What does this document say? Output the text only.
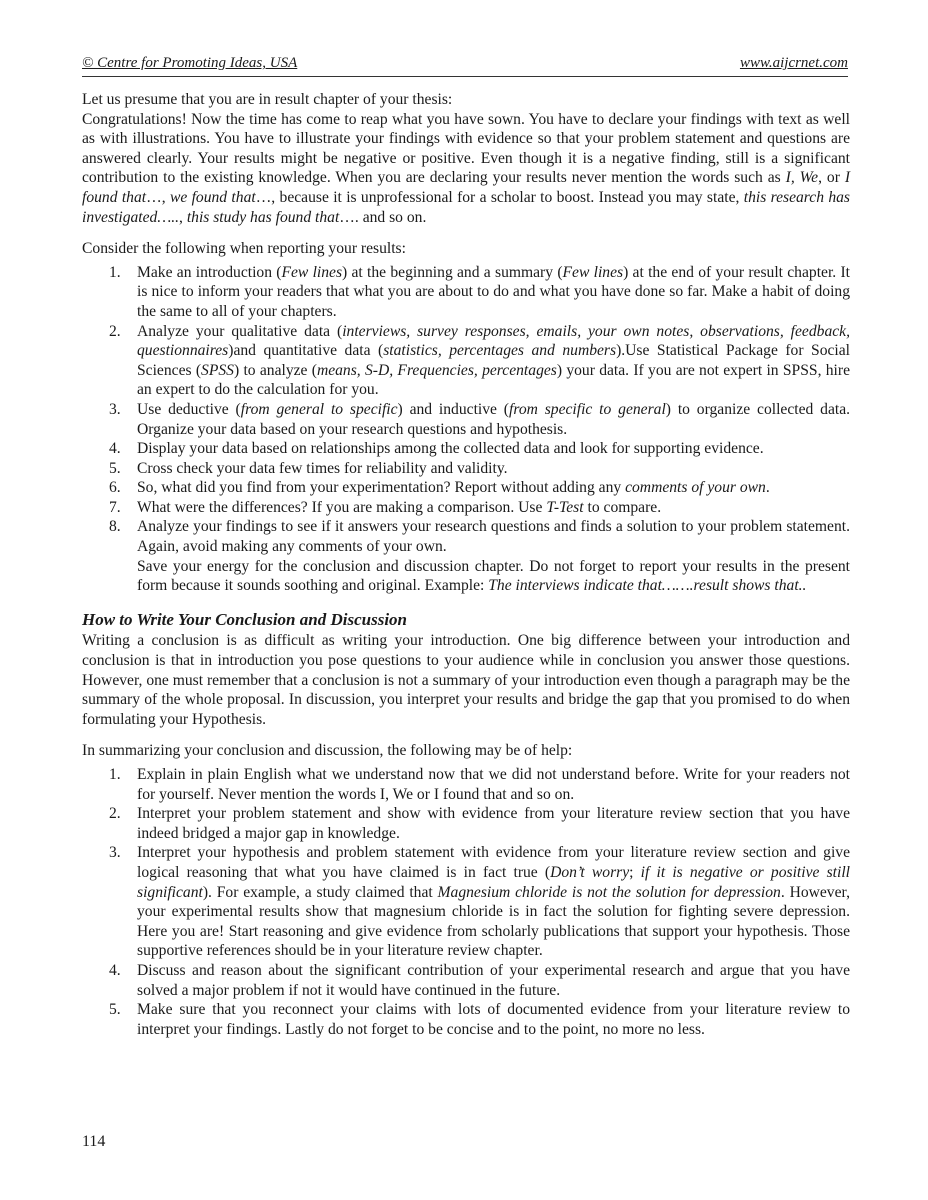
© Centre for Promoting Ideas, USA	www.aijcrnet.com

Let us presume that you are in result chapter of your thesis:

Congratulations! Now the time has come to reap what you have sown. You have to declare your findings with text as well as with illustrations. You have to illustrate your findings with evidence so that your problem statement and questions are answered clearly. Your results might be negative or positive. Even though it is a negative finding, still is a significant contribution to the existing knowledge. When you are declaring your results never mention the words such as I, We, or I found that…, we found that…, because it is unprofessional for a scholar to boost. Instead you may state, this research has investigated….., this study has found that…. and so on.

Consider the following when reporting your results:

1. Make an introduction (Few lines) at the beginning and a summary (Few lines) at the end of your result chapter. It is nice to inform your readers that what you are about to do and what you have done so far. Make a habit of doing the same to all of your chapters.
2. Analyze your qualitative data (interviews, survey responses, emails, your own notes, observations, feedback, questionnaires)and quantitative data (statistics, percentages and numbers).Use Statistical Package for Social Sciences (SPSS) to analyze (means, S-D, Frequencies, percentages) your data. If you are not expert in SPSS, hire an expert to do the calculation for you.
3. Use deductive (from general to specific) and inductive (from specific to general) to organize collected data. Organize your data based on your research questions and hypothesis.
4. Display your data based on relationships among the collected data and look for supporting evidence.
5. Cross check your data few times for reliability and validity.
6. So, what did you find from your experimentation? Report without adding any comments of your own.
7. What were the differences? If you are making a comparison. Use T-Test to compare.
8. Analyze your findings to see if it answers your research questions and finds a solution to your problem statement. Again, avoid making any comments of your own.

Save your energy for the conclusion and discussion chapter. Do not forget to report your results in the present form because it sounds soothing and original. Example: The interviews indicate that…….result shows that..

How to Write Your Conclusion and Discussion

Writing a conclusion is as difficult as writing your introduction. One big difference between your introduction and conclusion is that in introduction you pose questions to your audience while in conclusion you answer those questions. However, one must remember that a conclusion is not a summary of your introduction even though a paragraph may be the summary of the whole proposal. In discussion, you interpret your results and bridge the gap that you promised to do when formulating your Hypothesis.

In summarizing your conclusion and discussion, the following may be of help:

1. Explain in plain English what we understand now that we did not understand before. Write for your readers not for yourself. Never mention the words I, We or I found that and so on.
2. Interpret your problem statement and show with evidence from your literature review section that you have indeed bridged a major gap in knowledge.
3. Interpret your hypothesis and problem statement with evidence from your literature review section and give logical reasoning that what you have claimed is in fact true (Don’t worry; if it is negative or positive still significant). For example, a study claimed that Magnesium chloride is not the solution for depression. However, your experimental results show that magnesium chloride is in fact the solution for fighting severe depression. Here you are! Start reasoning and give evidence from scholarly publications that support your hypothesis. Those supportive references should be in your literature review chapter.
4. Discuss and reason about the significant contribution of your experimental research and argue that you have solved a major problem if not it would have continued in the future.
5. Make sure that you reconnect your claims with lots of documented evidence from your literature review to interpret your findings. Lastly do not forget to be concise and to the point, no more no less.
114
